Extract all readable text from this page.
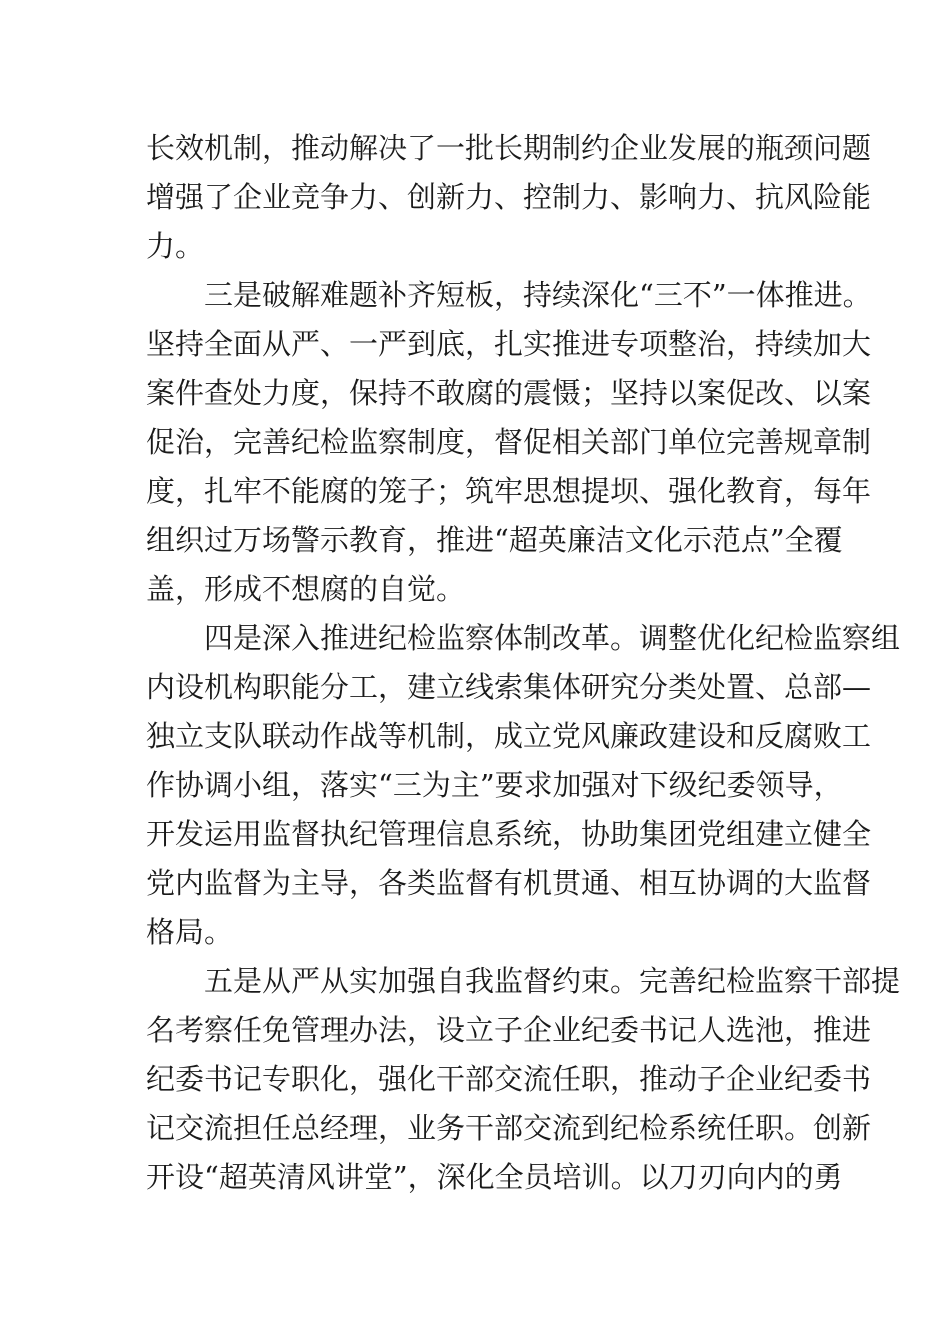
长效机制，推动解决了一批长期制约企业发展的瓶颈问题
增强了企业竞争力、创新力、控制力、影响力、抗风险能
力。
　　三是破解难题补齐短板，持续深化“三不”一体推进。
坚持全面从严、一严到底，扎实推进专项整治，持续加大
案件查处力度，保持不敢腐的震慑；坚持以案促改、以案
促治，完善纪检监察制度，督促相关部门单位完善规章制
度，扎牢不能腐的笼子；筑牢思想提坝、强化教育，每年
组织过万场警示教育，推进“超英廉洁文化示范点”全覆
盖，形成不想腐的自觉。
　　四是深入推进纪检监察体制改革。调整优化纪检监察组
内设机构职能分工，建立线索集体研究分类处置、总部—
独立支队联动作战等机制，成立党风廉政建设和反腐败工
作协调小组，落实“三为主”要求加强对下级纪委领导，
开发运用监督执纪管理信息系统，协助集团党组建立健全
党内监督为主导，各类监督有机贯通、相互协调的大监督
格局。
　　五是从严从实加强自我监督约束。完善纪检监察干部提
名考察任免管理办法，设立子企业纪委书记人选池，推进
纪委书记专职化，强化干部交流任职，推动子企业纪委书
记交流担任总经理，业务干部交流到纪检系统任职。创新
开设“超英清风讲堂”，深化全员培训。以刀刃向内的勇
